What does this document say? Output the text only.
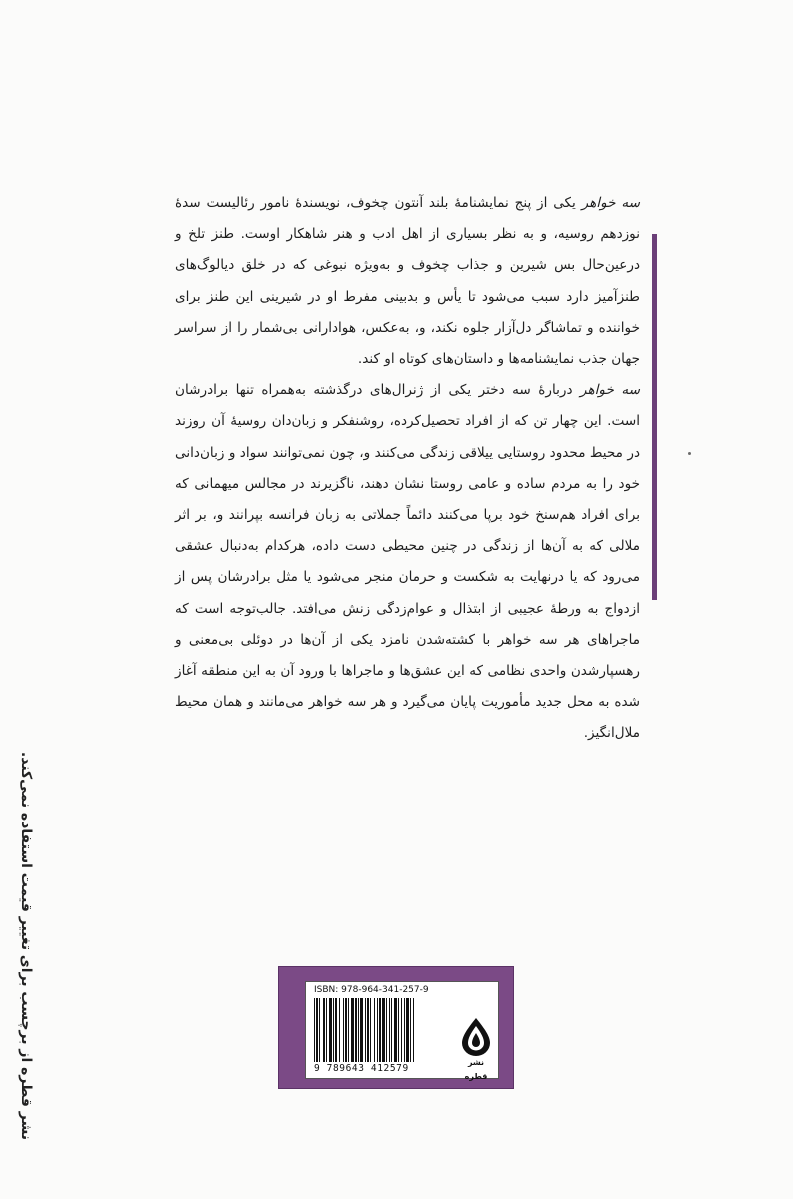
سه خواهر یکی از پنج نمایشنامهٔ بلند آنتون چخوف، نویسندهٔ نامور رئالیست سدهٔ نوزدهم روسیه، و به نظر بسیاری از اهل ادب و هنر شاهکار اوست. طنز تلخ و درعین‌حال بس شیرین و جذاب چخوف و به‌ویژه نبوغی که در خلق دیالوگ‌های طنزآمیز دارد سبب می‌شود تا یأس و بدبینی مفرط او در شیرینی این طنز برای خواننده و تماشاگر دل‌آزار جلوه نکند، و، به‌عکس، هوادارانی بی‌شمار را از سراسر جهان جذب نمایشنامه‌ها و داستان‌های کوتاه او کند.

سه خواهر دربارهٔ سه دختر یکی از ژنرال‌های درگذشته به‌همراه تنها برادرشان است. این چهار تن که از افراد تحصیل‌کرده، روشنفکر و زبان‌دان روسیهٔ آن روزند در محیط محدود روستایی ییلاقی زندگی می‌کنند و، چون نمی‌توانند سواد و زبان‌دانی خود را به مردم ساده و عامی روستا نشان دهند، ناگزیرند در مجالس میهمانی که برای افراد هم‌سنخ خود برپا می‌کنند دائماً جملاتی به زبان فرانسه بپرانند و، بر اثر ملالی که به آن‌ها از زندگی در چنین محیطی دست داده، هرکدام به‌دنبال عشقی می‌رود که یا درنهایت به شکست و حرمان منجر می‌شود یا مثل برادرشان پس از ازدواج به ورطهٔ عجیبی از ابتذال و عوام‌زدگی زنش می‌افتد. جالب‌توجه است که ماجراهای هر سه خواهر با کشته‌شدن نامزد یکی از آن‌ها در دوئلی بی‌معنی و رهسپارشدن واحدی نظامی که این عشق‌ها و ماجراها با ورود آن به این منطقه آغاز شده به محل جدید مأموریت پایان می‌گیرد و هر سه خواهر می‌مانند و همان محیط ملال‌انگیز.

نشر قطره از برچسب برای تغییر قیمت استفاده نمی‌کند.	ISBN: 978-964-341-257-9
9 789643 412579
نشر قطره
